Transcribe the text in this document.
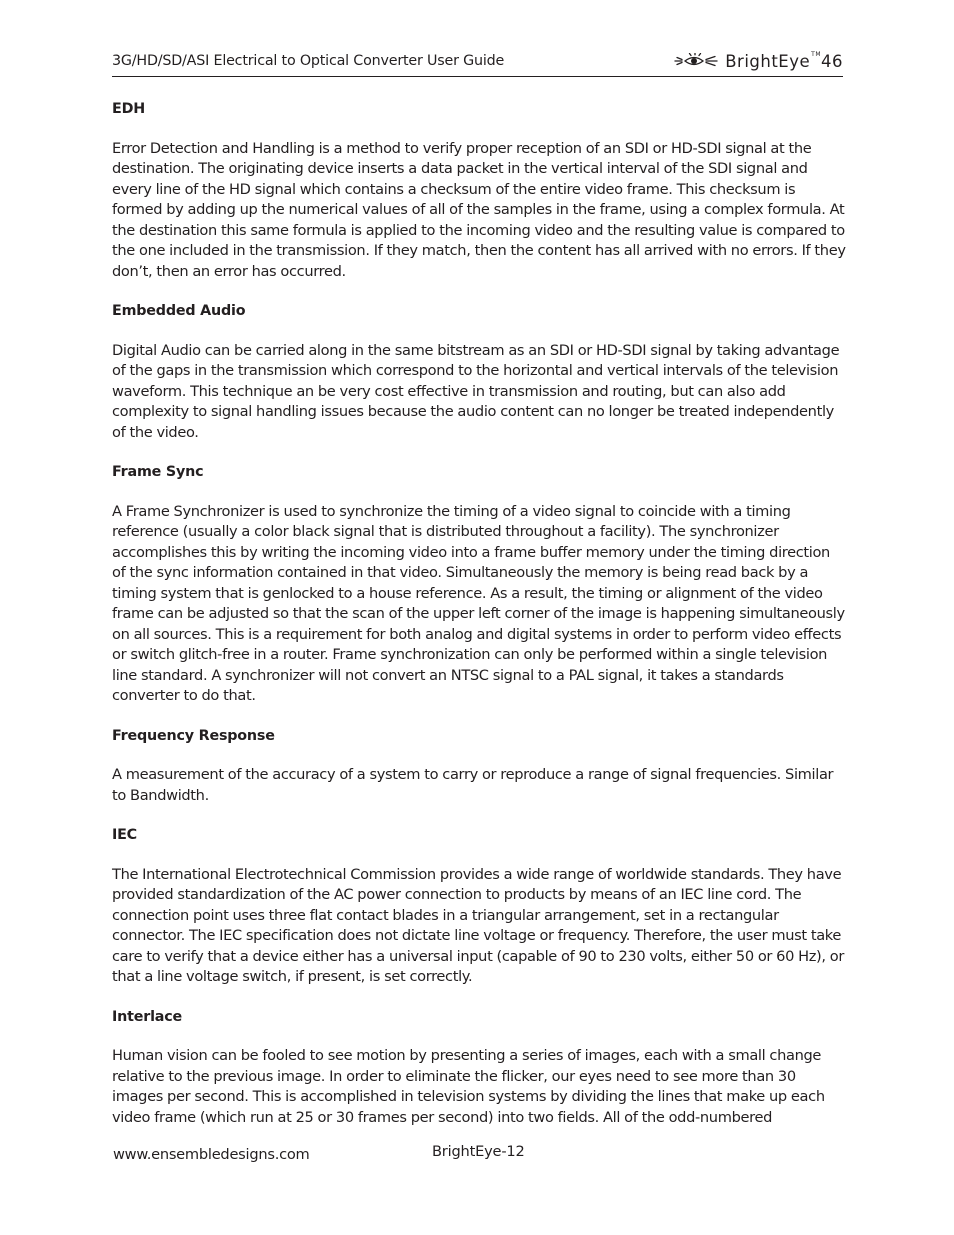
3G/HD/SD/ASI Electrical to Optical Converter User Guide	BrightEye™46

EDH

Error Detection and Handling is a method to verify proper reception of an SDI or HD-SDI signal at the destination. The originating device inserts a data packet in the vertical interval of the SDI signal and every line of the HD signal which contains a checksum of the entire video frame. This checksum is formed by adding up the numerical values of all of the samples in the frame, using a complex formula. At the destination this same formula is applied to the incoming video and the resulting value is compared to the one included in the transmission. If they match, then the content has all arrived with no errors. If they don’t, then an error has occurred.

Embedded Audio

Digital Audio can be carried along in the same bitstream as an SDI or HD-SDI signal by taking advantage of the gaps in the transmission which correspond to the horizontal and vertical intervals of the television waveform. This technique an be very cost effective in transmission and routing, but can also add complexity to signal handling issues because the audio content can no longer be treated independently of the video.

Frame Sync

A Frame Synchronizer is used to synchronize the timing of a video signal to coincide with a timing reference (usually a color black signal that is distributed throughout a facility). The synchronizer accomplishes this by writing the incoming video into a frame buffer memory under the timing direction of the sync information contained in that video. Simultaneously the memory is being read back by a timing system that is genlocked to a house reference. As a result, the timing or alignment of the video frame can be adjusted so that the scan of the upper left corner of the image is happening simultaneously on all sources. This is a requirement for both analog and digital systems in order to perform video effects or switch glitch-free in a router. Frame synchronization can only be performed within a single television line standard. A synchronizer will not convert an NTSC signal to a PAL signal, it takes a standards converter to do that.

Frequency Response

A measurement of the accuracy of a system to carry or reproduce a range of signal frequencies. Similar to Bandwidth.

IEC

The International Electrotechnical Commission provides a wide range of worldwide standards. They have provided standardization of the AC power connection to products by means of an IEC line cord. The connection point uses three flat contact blades in a triangular arrangement, set in a rectangular connector. The IEC specification does not dictate line voltage or frequency. Therefore, the user must take care to verify that a device either has a universal input (capable of 90 to 230 volts, either 50 or 60 Hz), or that a line voltage switch, if present, is set correctly.

Interlace

Human vision can be fooled to see motion by presenting a series of images, each with a small change relative to the previous image. In order to eliminate the flicker, our eyes need to see more than 30 images per second. This is accomplished in television systems by dividing the lines that make up each video frame (which run at 25 or 30 frames per second) into two fields. All of the odd-numbered

www.ensembledesigns.com	BrightEye-12
